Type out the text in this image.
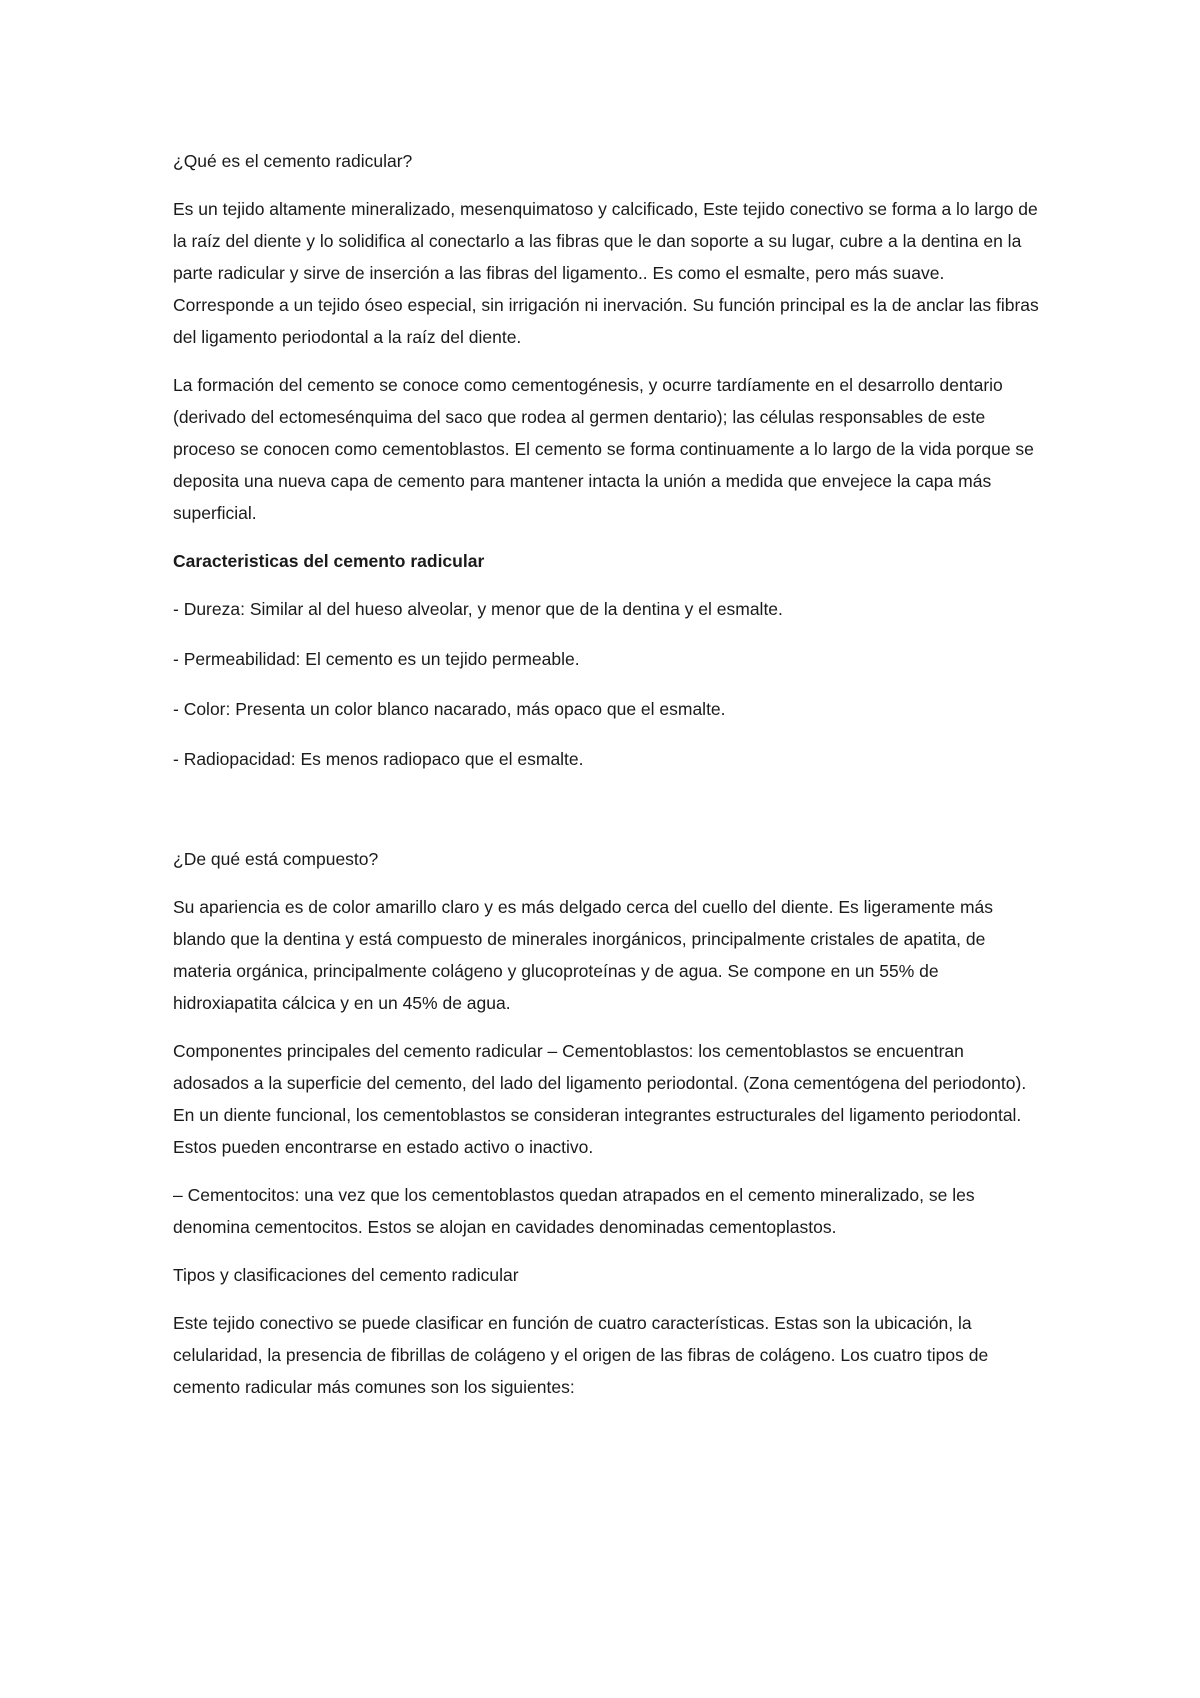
¿Qué es el cemento radicular?

Es un tejido altamente mineralizado, mesenquimatoso y calcificado, Este tejido conectivo se forma a lo largo de la raíz del diente y lo solidifica al conectarlo a las fibras que le dan soporte a su lugar, cubre a la dentina en la parte radicular y sirve de inserción a las fibras del ligamento.. Es como el esmalte, pero más suave. Corresponde a un tejido óseo especial, sin irrigación ni inervación. Su función principal es la de anclar las fibras del ligamento periodontal a la raíz del diente.

La formación del cemento se conoce como cementogénesis, y ocurre tardíamente en el desarrollo dentario (derivado del ectomesénquima del saco que rodea al germen dentario); las células responsables de este proceso se conocen como cementoblastos. El cemento se forma continuamente a lo largo de la vida porque se deposita una nueva capa de cemento para mantener intacta la unión a medida que envejece la capa más superficial.

Caracteristicas del cemento radicular

- Dureza: Similar al del hueso alveolar, y menor que de la dentina y el esmalte.

- Permeabilidad: El cemento es un tejido permeable.

- Color: Presenta un color blanco nacarado, más opaco que el esmalte.

- Radiopacidad: Es menos radiopaco que el esmalte.

¿De qué está compuesto?

Su apariencia es de color amarillo claro y es más delgado cerca del cuello del diente. Es ligeramente más blando que la dentina y está compuesto de minerales inorgánicos, principalmente cristales de apatita, de materia orgánica, principalmente colágeno y glucoproteínas y de agua. Se compone en un 55% de hidroxiapatita cálcica y en un 45% de agua.

Componentes principales del cemento radicular – Cementoblastos: los cementoblastos se encuentran adosados a la superficie del cemento, del lado del ligamento periodontal. (Zona cementógena del periodonto). En un diente funcional, los cementoblastos se consideran integrantes estructurales del ligamento periodontal. Estos pueden encontrarse en estado activo o inactivo.

– Cementocitos: una vez que los cementoblastos quedan atrapados en el cemento mineralizado, se les denomina cementocitos. Estos se alojan en cavidades denominadas cementoplastos.

Tipos y clasificaciones del cemento radicular

Este tejido conectivo se puede clasificar en función de cuatro características. Estas son la ubicación, la celularidad, la presencia de fibrillas de colágeno y el origen de las fibras de colágeno. Los cuatro tipos de cemento radicular más comunes son los siguientes:
